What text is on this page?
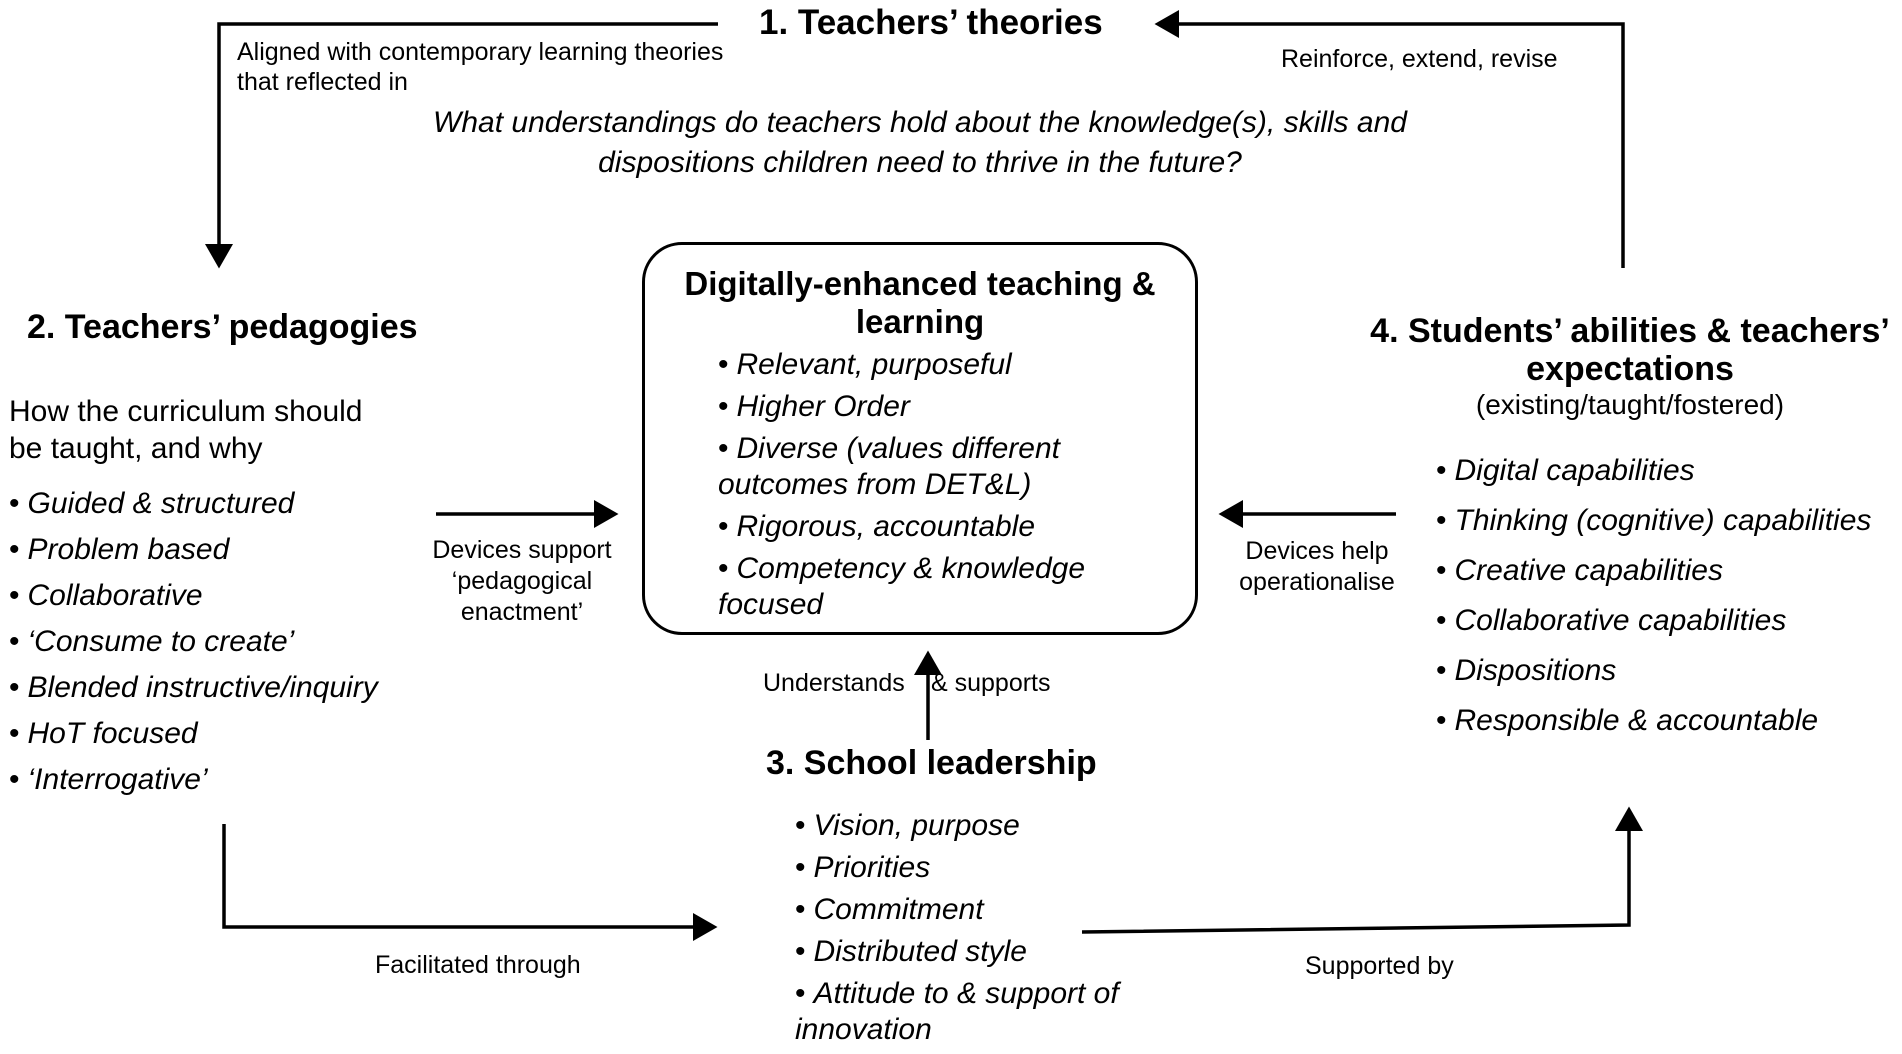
1. Teachers’ theories
Aligned with contemporary learning theories
that reflected in
Reinforce, extend, revise
What understandings do teachers hold about the knowledge(s), skills and
dispositions children need to thrive in the future?
2. Teachers’ pedagogies
How the curriculum should
be taught, and why
• Guided & structured
• Problem based
• Collaborative
• ‘Consume to create’
• Blended instructive/inquiry
• HoT focused
• ‘Interrogative’
Devices support
‘pedagogical
enactment’
Digitally-enhanced teaching &
learning
• Relevant, purposeful
• Higher Order
• Diverse (values different
outcomes from DET&L)
• Rigorous, accountable
• Competency & knowledge
focused
Devices help
operationalise
Understands & supports
3. School leadership
• Vision, purpose
• Priorities
• Commitment
• Distributed style
• Attitude to & support of
innovation
Facilitated through	Supported by
4. Students’ abilities & teachers’
expectations
(existing/taught/fostered)
• Digital capabilities
• Thinking (cognitive) capabilities
• Creative capabilities
• Collaborative capabilities
• Dispositions
• Responsible & accountable
